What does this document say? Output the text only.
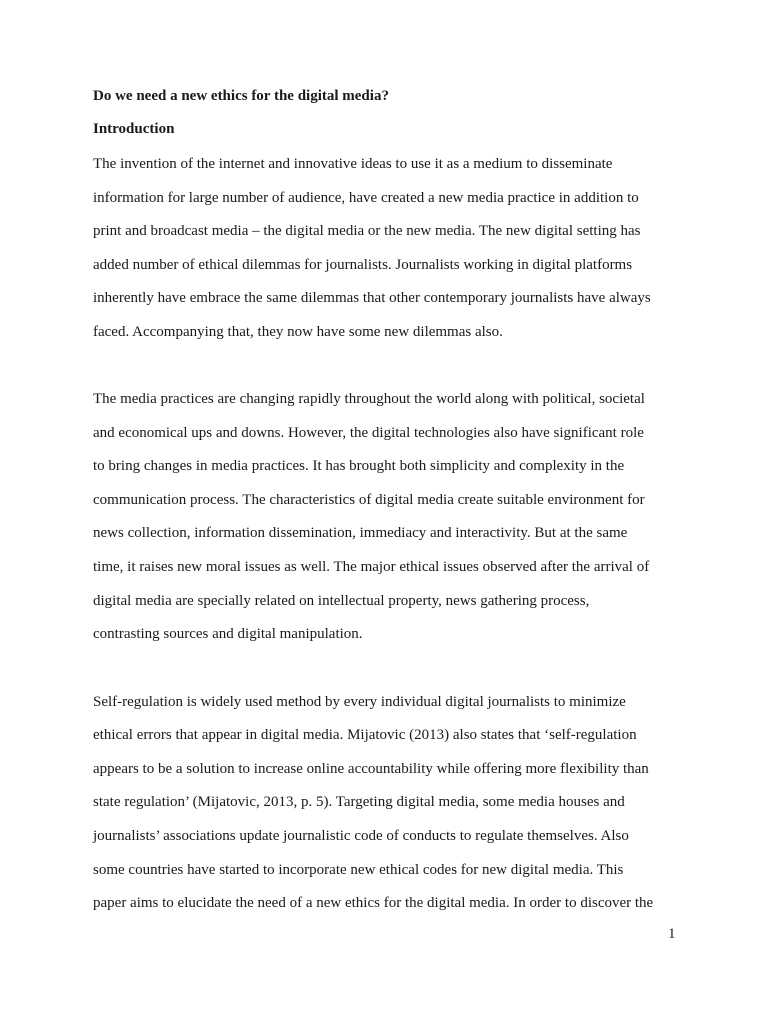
Do we need a new ethics for the digital media?
Introduction

The invention of the internet and innovative ideas to use it as a medium to disseminate

information for large number of audience, have created a new media practice in addition to

print and broadcast media – the digital media or the new media. The new digital setting has

added number of ethical dilemmas for journalists. Journalists working in digital platforms

inherently have embrace the same dilemmas that other contemporary journalists have always

faced. Accompanying that, they now have some new dilemmas also.

The media practices are changing rapidly throughout the world along with political, societal

and economical ups and downs. However, the digital technologies also have significant role

to bring changes in media practices. It has brought both simplicity and complexity in the

communication process. The characteristics of digital media create suitable environment for

news collection, information dissemination, immediacy and interactivity. But at the same

time, it raises new moral issues as well. The major ethical issues observed after the arrival of

digital media are specially related on intellectual property, news gathering process,

contrasting sources and digital manipulation.

Self-regulation is widely used method by every individual digital journalists to minimize

ethical errors that appear in digital media. Mijatovic (2013) also states that ‘self-regulation

appears to be a solution to increase online accountability while offering more flexibility than

state regulation’ (Mijatovic, 2013, p. 5). Targeting digital media, some media houses and

journalists’ associations update journalistic code of conducts to regulate themselves. Also

some countries have started to incorporate new ethical codes for new digital media. This

paper aims to elucidate the need of a new ethics for the digital media. In order to discover the

1
